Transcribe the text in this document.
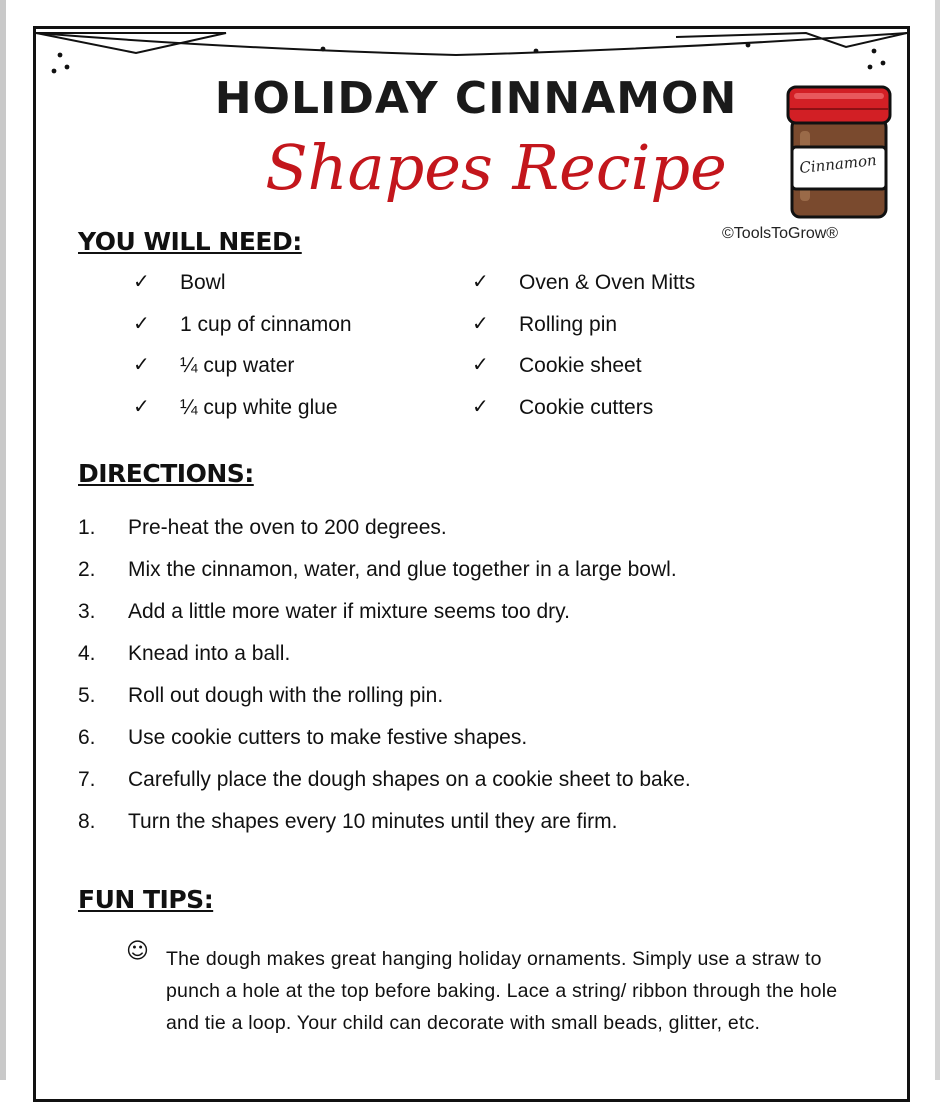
HOLIDAY CINNAMON
Shapes Recipe	Cinnamon
©ToolsToGrow®
YOU WILL NEED:
✓ Bowl
✓ 1 cup of cinnamon
✓ ¼ cup water
✓ ¼ cup white glue
✓ Oven & Oven Mitts
✓ Rolling pin
✓ Cookie sheet
✓ Cookie cutters
DIRECTIONS:
1.	Pre-heat the oven to 200 degrees.
2.	Mix the cinnamon, water, and glue together in a large bowl.
3.	Add a little more water if mixture seems too dry.
4.	Knead into a ball.
5.	Roll out dough with the rolling pin.
6.	Use cookie cutters to make festive shapes.
7.	Carefully place the dough shapes on a cookie sheet to bake.
8.	Turn the shapes every 10 minutes until they are firm.
FUN TIPS:
☺ The dough makes great hanging holiday ornaments. Simply use a straw to punch a hole at the top before baking. Lace a string/ ribbon through the hole and tie a loop. Your child can decorate with small beads, glitter, etc.
